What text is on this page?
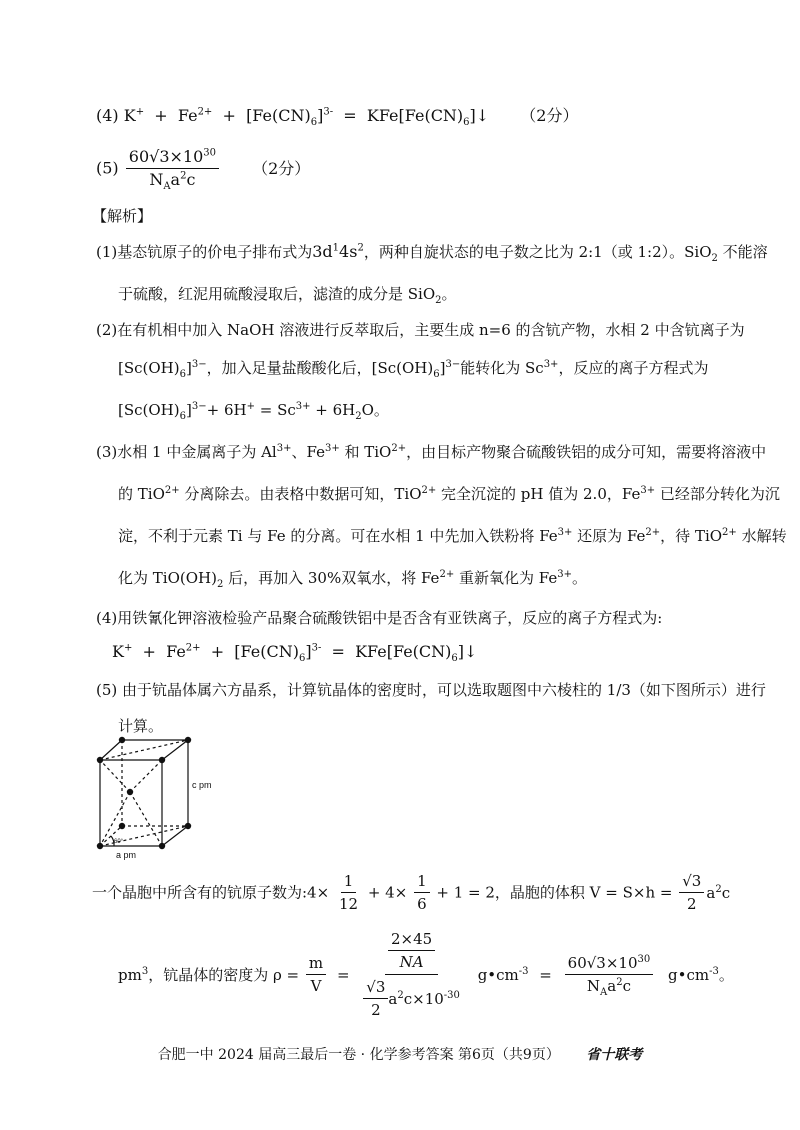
(4) $K^+ + Fe^{2+} + [Fe(CN)_6]^{3-}$ = $KFe[Fe(CN)_6]↓$ （2分）
$(5) \frac{60√3\times 10^{30}}{N_Aa^2c} (2$分）
【解析】
(1)基态钪原子的价电子排布式为$3d^14s^2$，两种自旋状态的电子数之比为 2:1（或 1:2）。SiO$_2$ 不能溶
于硫酸，红泥用硫酸浸取后，滤渣的成分是 SiO$_2$。
(2)在有机相中加入 NaOH 溶液进行反萃取后，主要生成 n=6 的含钪产物，水相 2 中含钪离子为
$[Sc(OH)_6]^{3-}$，加入足量盐酸酸化后，$[Sc(OH)_6]^{3-}$能转化为 $Sc^{3+}$，反应的离子方程式为
$[Sc(OH)_6]^{3-}+ 6H^+ = Sc^{3+} + 6H_2O$。
(3)水相 1 中金属离子为 $Al^{3+}$、$Fe^{3+}$ 和 TiO$^{2+}$，由目标产物聚合硫酸铁铝的成分可知，需要将溶液中
的 TiO$^{2+}$ 分离除去。由表格中数据可知，TiO$^{2+}$ 完全沉淀的 pH 值为 2.0，$Fe^{3+}$ 已经部分转化为沉
淀，不利于元素 Ti 与 Fe 的分离。可在水相 1 中先加入铁粉将 $Fe^{3+}$ 还原为 $Fe^{2+}$，待 TiO$^{2+}$ 水解转
化为 $TiO(OH)_2$ 后，再加入 30%双氧水，将 $Fe^{2+}$ 重新氧化为 $Fe^{3+}$。
(4)用铁氰化钾溶液检验产品聚合硫酸铁铝中是否含有亚铁离子，反应的离子方程式为:
$K^+ + Fe^{2+} + [Fe(CN)_6]^{3-}$ = $KFe[Fe(CN)_6]↓$
(5) 由于钪晶体属六方晶系，计算钪晶体的密度时，可以选取题图中六棱柱的 1/3（如下图所示）进行
计算。
c pm
a pm
60°
一个晶胞中所含有的钪原子数为:4× $\frac{1}{12} + 4\times \frac{1}{6} + 1 = 2$，晶胞的体积 $V = S\times h = \frac{√3}{2} a^2c$
$pm^3$，钪晶体的密度为 $\rho = \frac{m}{V} = \frac{\frac{2\times 45}{NA}}{\frac{√3}{2} a^2c\times 10^{-30}}$ $g•cm^{-3} = \frac{60√3\times 10^{30}}{N_Aa^2c}$ $g•cm^{-3}$。
合肥一中 2024 届高三最后一卷 · 化学参考答案 第6页（共9页） 省十联考
